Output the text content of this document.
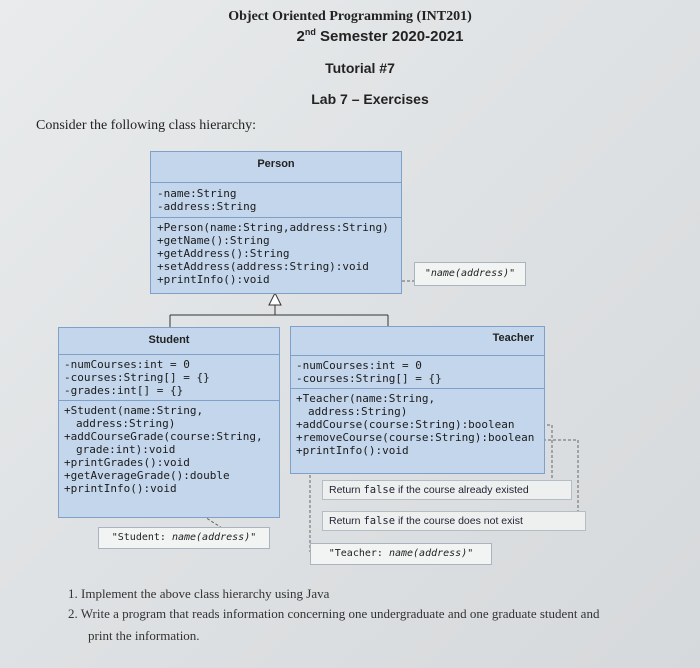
Object Oriented Programming (INT201)
2nd Semester 2020-2021
Tutorial #7
Lab 7 – Exercises
Consider the following class hierarchy:
Person
-name:String
-address:String
+Person(name:String,address:String)
+getName():String
+getAddress():String
+setAddress(address:String):void
+printInfo():void	"name(address)"
Student
-numCourses:int = 0
-courses:String[] = {}
-grades:int[] = {}
+Student(name:String,
address:String)
+addCourseGrade(course:String,
grade:int):void
+printGrades():void
+getAverageGrade():double
+printInfo():void
"Student: name(address)"
Teacher
-numCourses:int = 0
-courses:String[] = {}
+Teacher(name:String,
address:String)
+addCourse(course:String):boolean
+removeCourse(course:String):boolean
+printInfo():void
Return false if the course already existed
Return false if the course does not exist
"Teacher: name(address)"
1. Implement the above class hierarchy using Java
2. Write a program that reads information concerning one undergraduate and one graduate student and
print the information.
